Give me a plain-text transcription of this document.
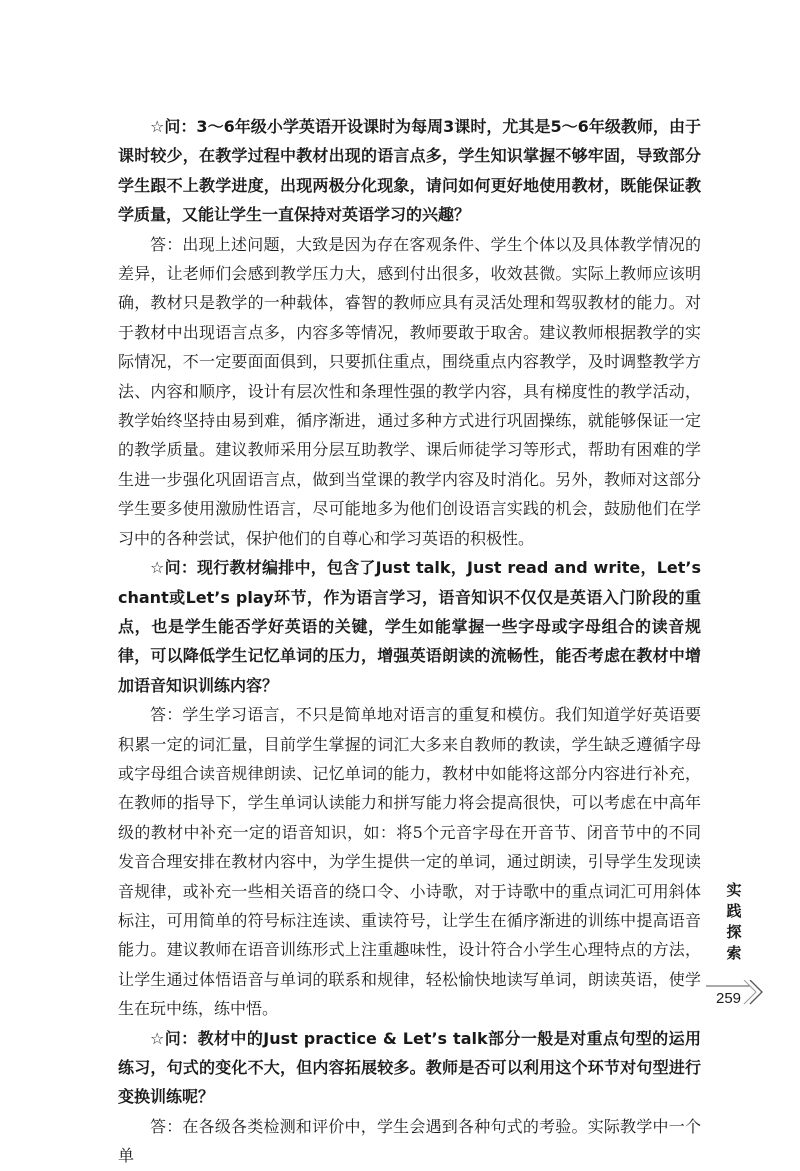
☆问：3～6年级小学英语开设课时为每周3课时，尤其是5～6年级教师，由于课时较少，在教学过程中教材出现的语言点多，学生知识掌握不够牢固，导致部分学生跟不上教学进度，出现两极分化现象，请问如何更好地使用教材，既能保证教学质量，又能让学生一直保持对英语学习的兴趣？

答：出现上述问题，大致是因为存在客观条件、学生个体以及具体教学情况的差异，让老师们会感到教学压力大，感到付出很多，收效甚微。实际上教师应该明确，教材只是教学的一种载体，睿智的教师应具有灵活处理和驾驭教材的能力。对于教材中出现语言点多，内容多等情况，教师要敢于取舍。建议教师根据教学的实际情况，不一定要面面俱到，只要抓住重点，围绕重点内容教学，及时调整教学方法、内容和顺序，设计有层次性和条理性强的教学内容，具有梯度性的教学活动，教学始终坚持由易到难，循序渐进，通过多种方式进行巩固操练，就能够保证一定的教学质量。建议教师采用分层互助教学、课后师徒学习等形式，帮助有困难的学生进一步强化巩固语言点，做到当堂课的教学内容及时消化。另外，教师对这部分学生要多使用激励性语言，尽可能地多为他们创设语言实践的机会，鼓励他们在学习中的各种尝试，保护他们的自尊心和学习英语的积极性。

☆问：现行教材编排中，包含了Just talk，Just read and write，Let’s chant或Let’s play环节，作为语言学习，语音知识不仅仅是英语入门阶段的重点，也是学生能否学好英语的关键，学生如能掌握一些字母或字母组合的读音规律，可以降低学生记忆单词的压力，增强英语朗读的流畅性，能否考虑在教材中增加语音知识训练内容？

答：学生学习语言，不只是简单地对语言的重复和模仿。我们知道学好英语要积累一定的词汇量，目前学生掌握的词汇大多来自教师的教读，学生缺乏遵循字母或字母组合读音规律朗读、记忆单词的能力，教材中如能将这部分内容进行补充，在教师的指导下，学生单词认读能力和拼写能力将会提高很快，可以考虑在中高年级的教材中补充一定的语音知识，如：将5个元音字母在开音节、闭音节中的不同发音合理安排在教材内容中，为学生提供一定的单词，通过朗读，引导学生发现读音规律，或补充一些相关语音的绕口令、小诗歌，对于诗歌中的重点词汇可用斜体标注，可用简单的符号标注连读、重读符号，让学生在循序渐进的训练中提高语音能力。建议教师在语音训练形式上注重趣味性，设计符合小学生心理特点的方法，让学生通过体悟语音与单词的联系和规律，轻松愉快地读写单词，朗读英语，使学生在玩中练，练中悟。

☆问：教材中的Just practice & Let’s talk部分一般是对重点句型的运用练习，句式的变化不大，但内容拓展较多。教师是否可以利用这个环节对句型进行变换训练呢？

答：在各级各类检测和评价中，学生会遇到各种句式的考验。实际教学中一个单

实
践
探
索
259
